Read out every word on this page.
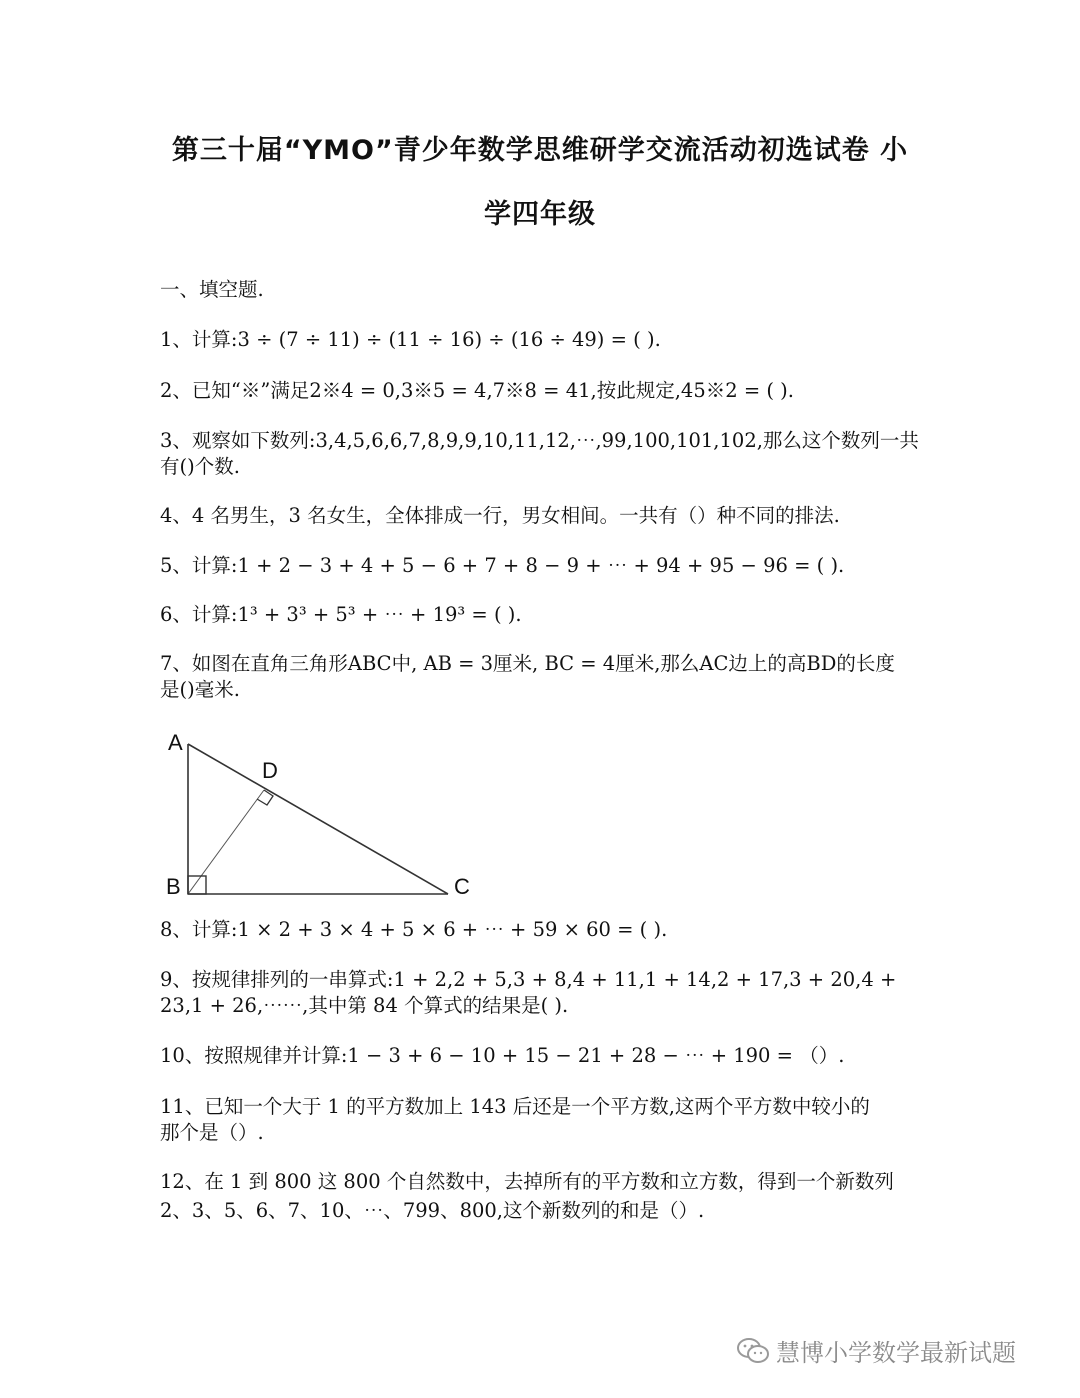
第三十届“YMO”青少年数学思维研学交流活动初选试卷 小
学四年级
一、填空题.
1、计算:3 ÷ (7 ÷ 11) ÷ (11 ÷ 16) ÷ (16 ÷ 49) = ( ).
2、已知“※”满足2※4 = 0,3※5 = 4,7※8 = 41,按此规定,45※2 = ( ).
3、观察如下数列:3,4,5,6,6,7,8,9,9,10,11,12,⋯,99,100,101,102,那么这个数列一共
有()个数.
4、4 名男生，3 名女生，全体排成一行，男女相间。一共有（）种不同的排法.
5、计算:1 + 2 − 3 + 4 + 5 − 6 + 7 + 8 − 9 + ⋯ + 94 + 95 − 96 = ( ).
6、计算:1³ + 3³ + 5³ + ⋯ + 19³ = ( ).
7、如图在直角三角形ABC中, AB = 3厘米, BC = 4厘米,那么AC边上的高BD的长度
是()毫米.
A
D
B	C
8、计算:1 × 2 + 3 × 4 + 5 × 6 + ⋯ + 59 × 60 = ( ).
9、按规律排列的一串算式:1 + 2,2 + 5,3 + 8,4 + 11,1 + 14,2 + 17,3 + 20,4 +
23,1 + 26,⋯⋯,其中第 84 个算式的结果是( ).
10、按照规律并计算:1 − 3 + 6 − 10 + 15 − 21 + 28 − ⋯ + 190 = （）.
11、已知一个大于 1 的平方数加上 143 后还是一个平方数,这两个平方数中较小的
那个是（）.
12、在 1 到 800 这 800 个自然数中，去掉所有的平方数和立方数，得到一个新数列
2、3、5、6、7、10、⋯、799、800,这个新数列的和是（）.
慧博小学数学最新试题
